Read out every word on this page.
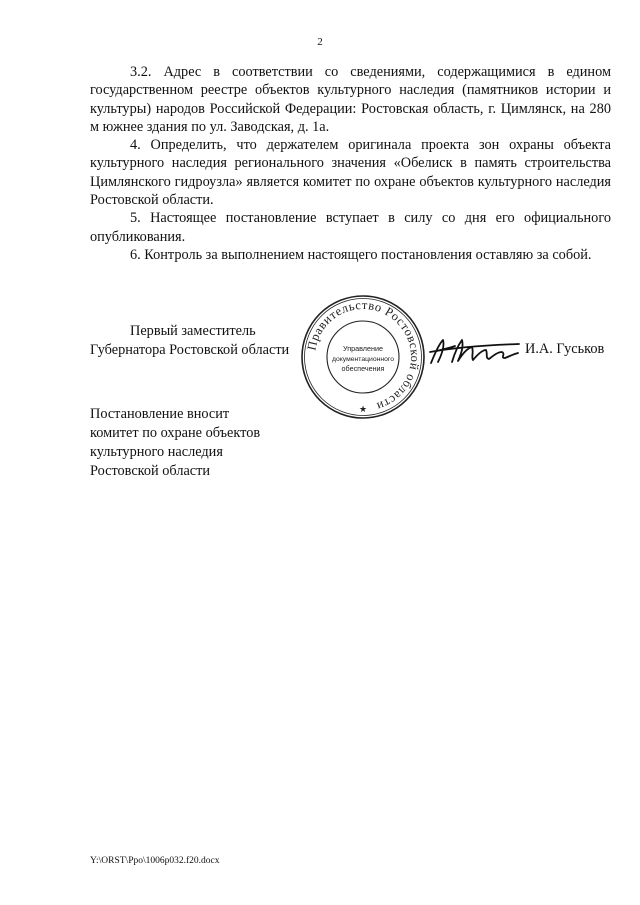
2

3.2. Адрес в соответствии со сведениями, содержащимися в едином государственном реестре объектов культурного наследия (памятников истории и культуры) народов Российской Федерации: Ростовская область, г. Цимлянск, на 280 м южнее здания по ул. Заводская, д. 1а.

4. Определить, что держателем оригинала проекта зон охраны объекта культурного наследия регионального значения «Обелиск в память строительства Цимлянского гидроузла» является комитет по охране объектов культурного наследия Ростовской области.

5. Настоящее постановление вступает в силу со дня его официального опубликования.

6. Контроль за выполнением настоящего постановления оставляю за собой.

Первый заместитель
Губернатора Ростовской области Правительство Ростовской области
Управление
документационного
обеспечения
★
И.А. Гуськов
Постановление вносит
комитет по охране объектов
культурного наследия
Ростовской области
Y:\ORST\Ppo\1006p032.f20.docx
